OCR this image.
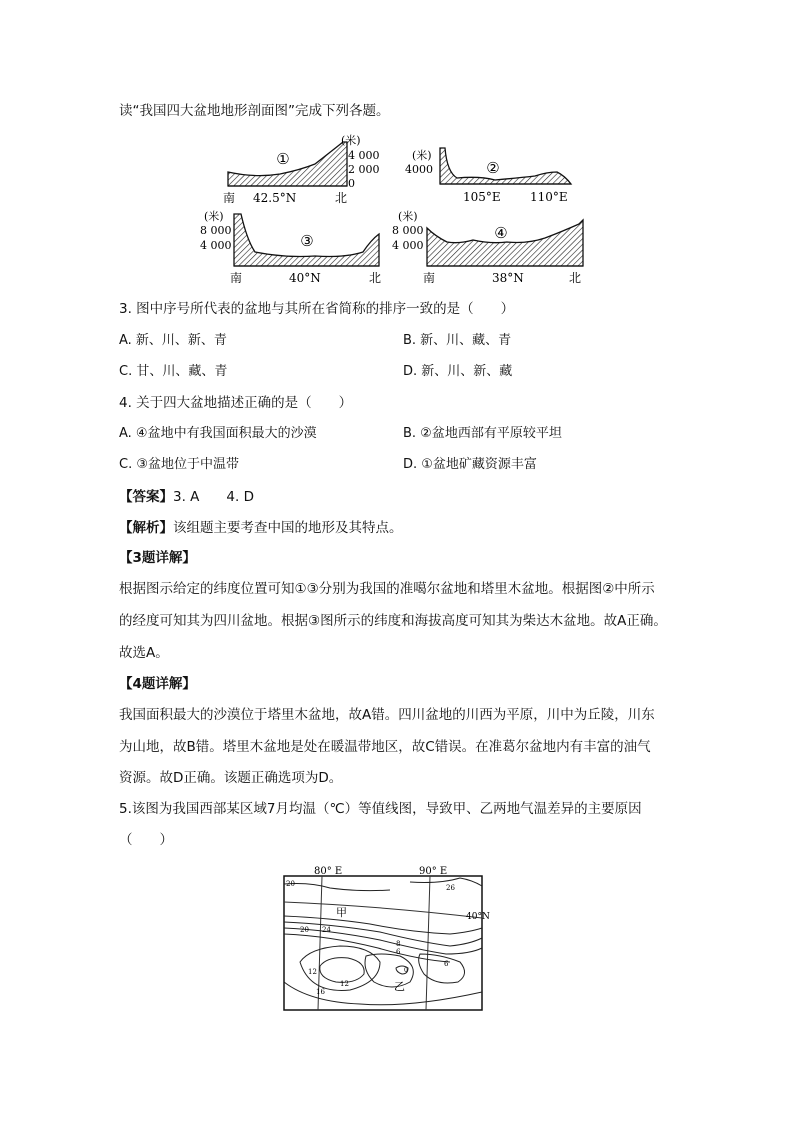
读“我国四大盆地地形剖面图”完成下列各题。
①
(米)
4 000
2 000
0
南 42.5°N	北
②
(米)
4000
105°E 110°E
③
(米)
8 000
4 000
南	40°N	北
④
(米)
8 000
4 000
南	38°N	北
3. 图中序号所代表的盆地与其所在省简称的排序一致的是（　　）
A. 新、川、新、青	B. 新、川、藏、青
C. 甘、川、藏、青	D. 新、川、新、藏
4. 关于四大盆地描述正确的是（　　）
A. ④盆地中有我国面积最大的沙漠	B. ②盆地西部有平原较平坦
C. ③盆地位于中温带	D. ①盆地矿藏资源丰富
【答案】3. A　　4. D
【解析】该组题主要考查中国的地形及其特点。
【3题详解】
根据图示给定的纬度位置可知①③分别为我国的准噶尔盆地和塔里木盆地。根据图②中所示
的经度可知其为四川盆地。根据③图所示的纬度和海拔高度可知其为柴达木盆地。故A正确。
故选A。
【4题详解】
我国面积最大的沙漠位于塔里木盆地，故A错。四川盆地的川西为平原，川中为丘陵，川东
为山地，故B错。塔里木盆地是处在暖温带地区，故C错误。在准葛尔盆地内有丰富的油气
资源。故D正确。该题正确选项为D。
5.该图为我国西部某区域7月均温（℃）等值线图，导致甲、乙两地气温差异的主要原因
（　　）
80° E	90° E
40°N
甲
乙
20	26
24
20
8
6
6
12
12
16
0
